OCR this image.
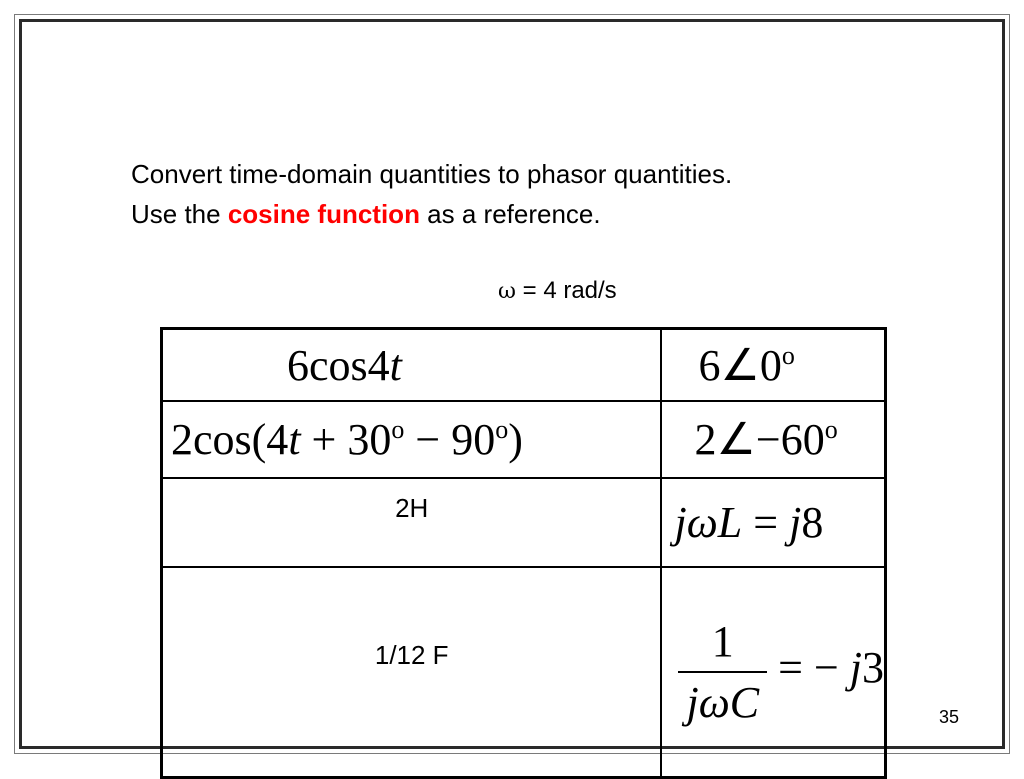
Convert time-domain quantities to phasor quantities.
Use the cosine function as a reference.
ω = 4 rad/s
6cos4t	6∠0$^o$
$2\cos(4t + 30^o - 90^o)$	$2\angle-60^o$
2H	jωL = j8
1/12 F	$\frac{1}{\text{jωC}}$ = − j3
35
